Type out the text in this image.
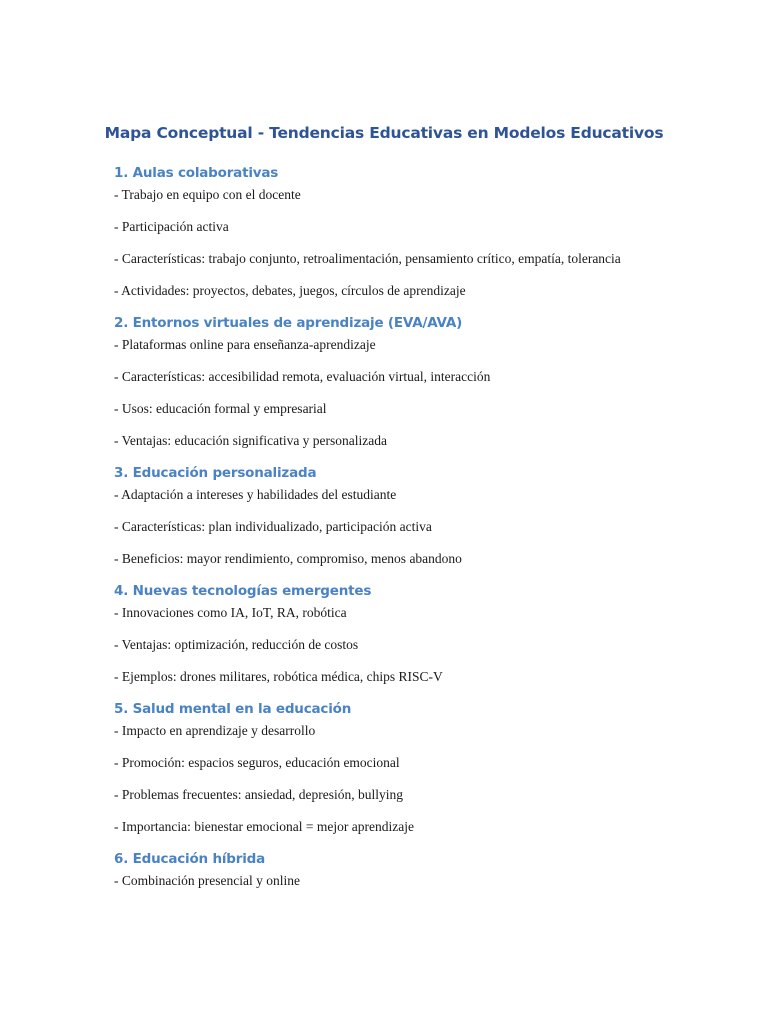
Mapa Conceptual - Tendencias Educativas en Modelos Educativos
1. Aulas colaborativas

- Trabajo en equipo con el docente

- Participación activa

- Características: trabajo conjunto, retroalimentación, pensamiento crítico, empatía, tolerancia

- Actividades: proyectos, debates, juegos, círculos de aprendizaje

2. Entornos virtuales de aprendizaje (EVA/AVA)

- Plataformas online para enseñanza-aprendizaje

- Características: accesibilidad remota, evaluación virtual, interacción

- Usos: educación formal y empresarial

- Ventajas: educación significativa y personalizada

3. Educación personalizada

- Adaptación a intereses y habilidades del estudiante

- Características: plan individualizado, participación activa

- Beneficios: mayor rendimiento, compromiso, menos abandono

4. Nuevas tecnologías emergentes

- Innovaciones como IA, IoT, RA, robótica

- Ventajas: optimización, reducción de costos

- Ejemplos: drones militares, robótica médica, chips RISC-V

5. Salud mental en la educación

- Impacto en aprendizaje y desarrollo

- Promoción: espacios seguros, educación emocional

- Problemas frecuentes: ansiedad, depresión, bullying

- Importancia: bienestar emocional = mejor aprendizaje

6. Educación híbrida

- Combinación presencial y online
